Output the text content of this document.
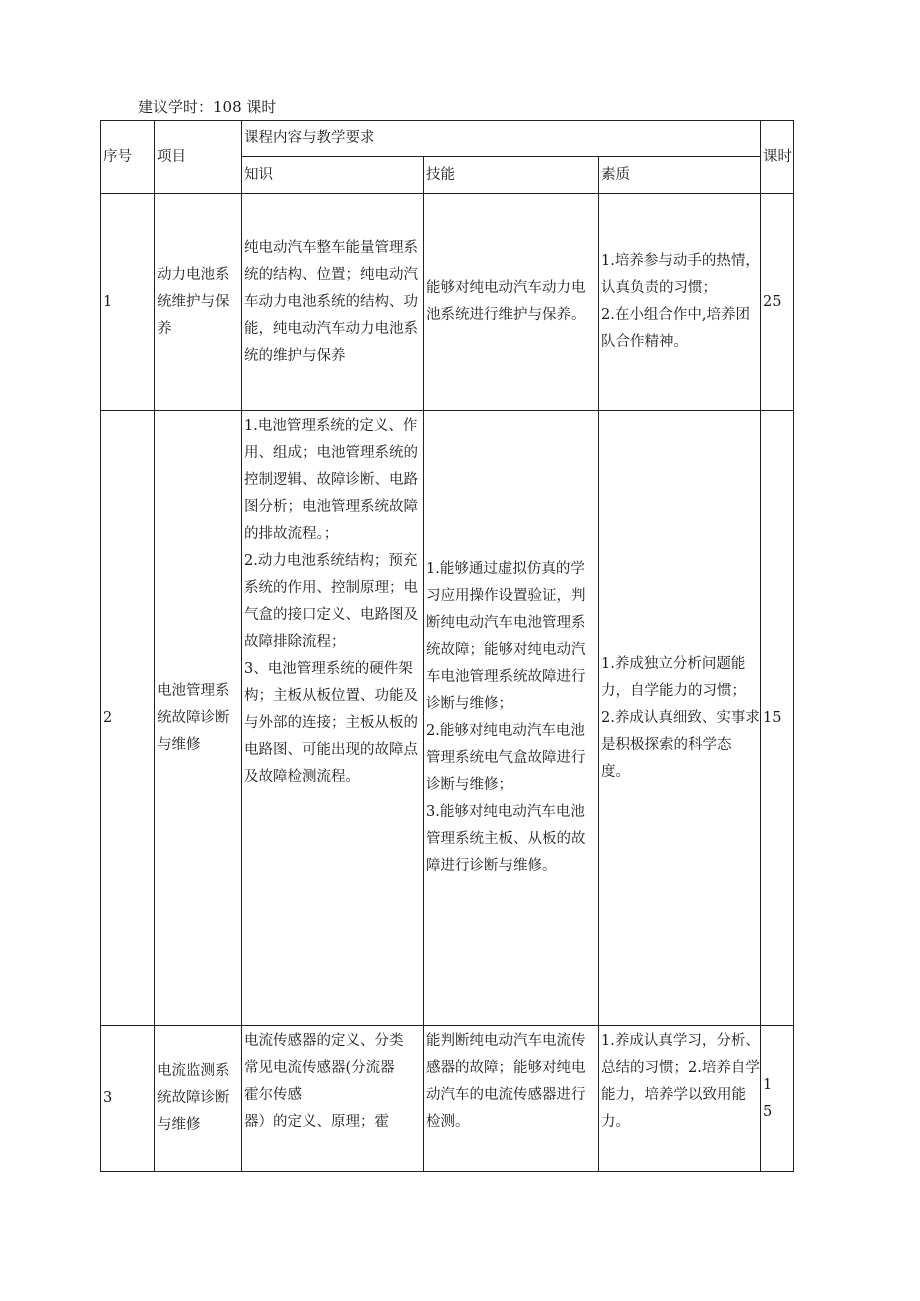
建议学时：108 课时
序号	项目	课程内容与教学要求			课时
		知识	技能	素质	
1	动力电池系统维护与保养	纯电动汽车整车能量管理系统的结构、位置；纯电动汽车动力电池系统的结构、功能，纯电动汽车动力电池系统的维护与保养	能够对纯电动汽车动力电池系统进行维护与保养。	1.培养参与动手的热情，认真负责的习惯；
2.在小组合作中,培养团队合作精神。	25
2	电池管理系统故障诊断与维修	1.电池管理系统的定义、作用、组成；电池管理系统的控制逻辑、故障诊断、电路图分析；电池管理系统故障的排故流程。；
2.动力电池系统结构；预充系统的作用、控制原理；电气盒的接口定义、电路图及故障排除流程；
3、电池管理系统的硬件架构；主板从板位置、功能及与外部的连接；主板从板的电路图、可能出现的故障点及故障检测流程。	1.能够通过虚拟仿真的学习应用操作设置验证，判断纯电动汽车电池管理系统故障；能够对纯电动汽车电池管理系统故障进行诊断与维修；
2.能够对纯电动汽车电池管理系统电气盒故障进行诊断与维修；
3.能够对纯电动汽车电池管理系统主板、从板的故障进行诊断与维修。	1.养成独立分析问题能力，自学能力的习惯；
2.养成认真细致、实事求是积极探索的科学态度。	15
3	电流监测系统故障诊断与维修	电流传感器的定义、分类
常见电流传感器(分流器
霍尔传感
器）的定义、原理；霍	能判断纯电动汽车电流传感器的故障；能够对纯电动汽车的电流传感器进行检测。	1.养成认真学习，分析、总结的习惯；2.培养自学能力，培养学以致用能力。	1
5
